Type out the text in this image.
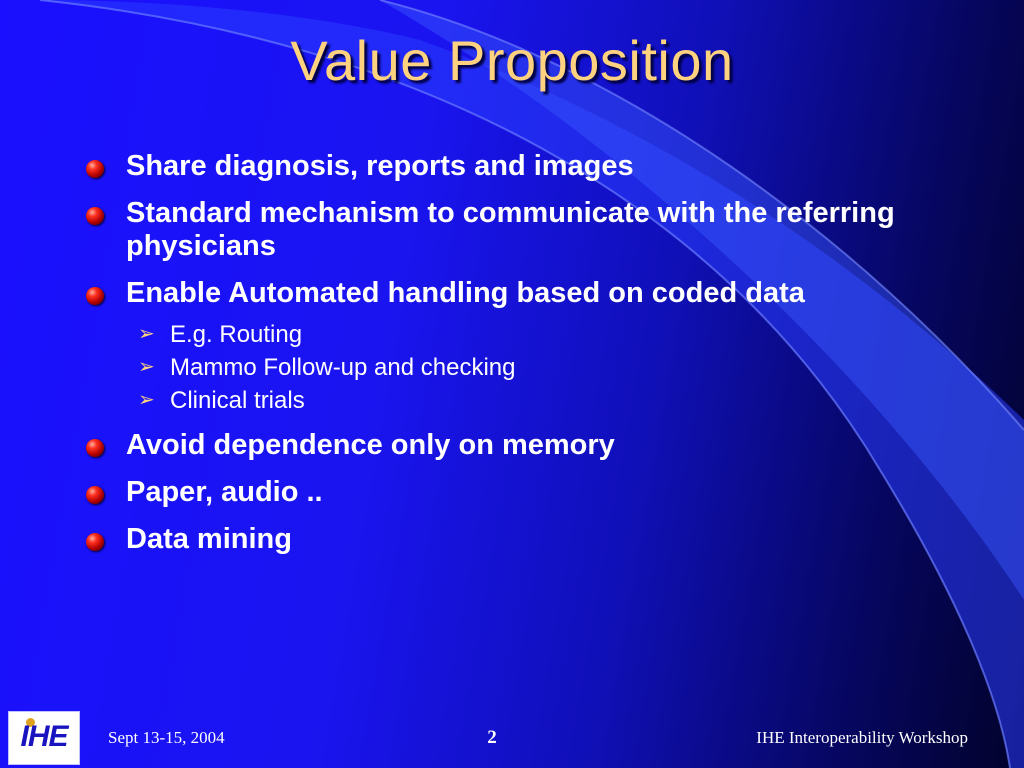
Value Proposition
Share diagnosis, reports and images
Standard mechanism to communicate with the referring physicians
Enable Automated handling based on coded data
➢ E.g. Routing
➢ Mammo Follow-up and checking
➢ Clinical trials
Avoid dependence only on memory
Paper, audio ..
Data mining
IHE	Sept 13-15, 2004	2	IHE Interoperability Workshop
